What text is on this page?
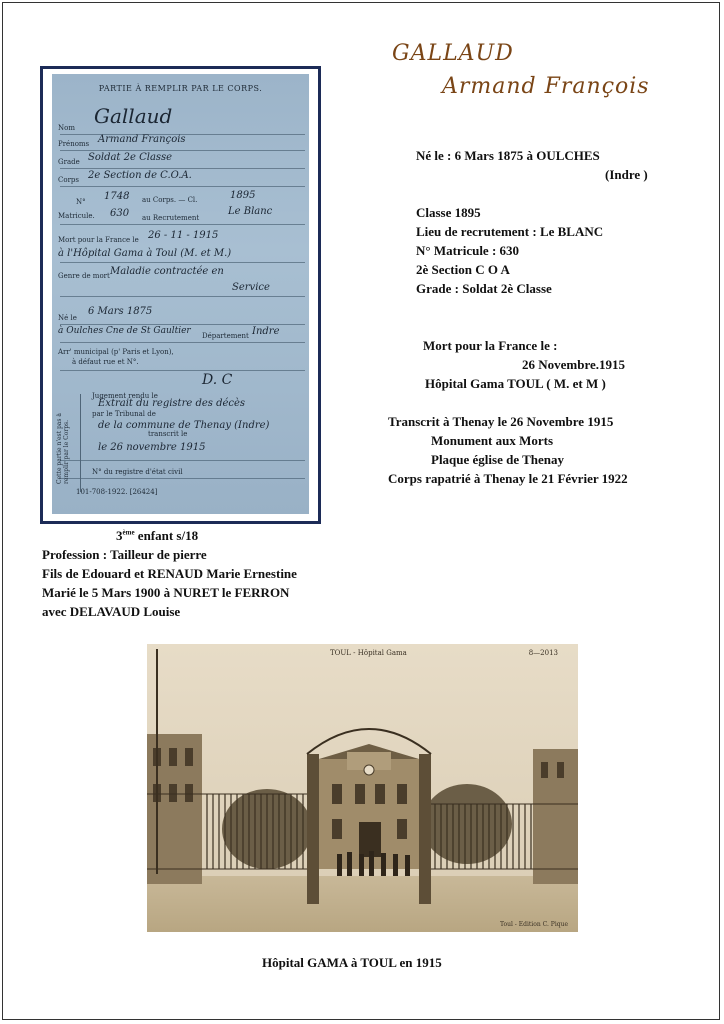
GALLAUD
Armand François
Né le : 6 Mars 1875 à OULCHES
(Indre )
Classe 1895
Lieu de recrutement : Le BLANC
N° Matricule : 630
2è Section C O A
Grade : Soldat 2è Classe
Mort pour la France le :
26 Novembre.1915
Hôpital Gama TOUL ( M. et M )
Transcrit à Thenay le 26 Novembre 1915
Monument aux Morts
Plaque église de Thenay
Corps rapatrié à Thenay le 21 Février 1922
PARTIE À REMPLIR PAR LE CORPS.
Nom Gallaud
Prénoms Armand François
Grade Soldat 2e Classe
Corps 2e Section de C.O.A.
N° 1748 au Corps. — Cl.	1895
Matricule. 630 au Recrutement
Le Blanc
Mort pour la France le 26 - 11 - 1915
à l'Hôpital Gama à Toul (M. et M.)
Genre de mort Maladie contractée en
Service
Né le
6 Mars 1875
à Oulches Cne de St Gaultier Département Indre
Arr' municipal (p' Paris et Lyon),
à défaut rue et N°.
D. C
Jugement rendu le
par le Tribunal de
Extrait du registre des décès
de la commune de Thenay (Indre)
transcrit le
le 26 novembre 1915
N° du registre d'état civil
Cette partie n'est pas à remplir par le Corps.
101-708-1922. [26424]
3ème enfant s/18
Profession : Tailleur de pierre
Fils de Edouard et RENAUD Marie Ernestine
Marié le 5 Mars 1900 à NURET le FERRON
avec DELAVAUD Louise
TOUL - Hôpital Gama	8—2013
Toul - Edition C. Pique
Hôpital GAMA à TOUL en 1915
